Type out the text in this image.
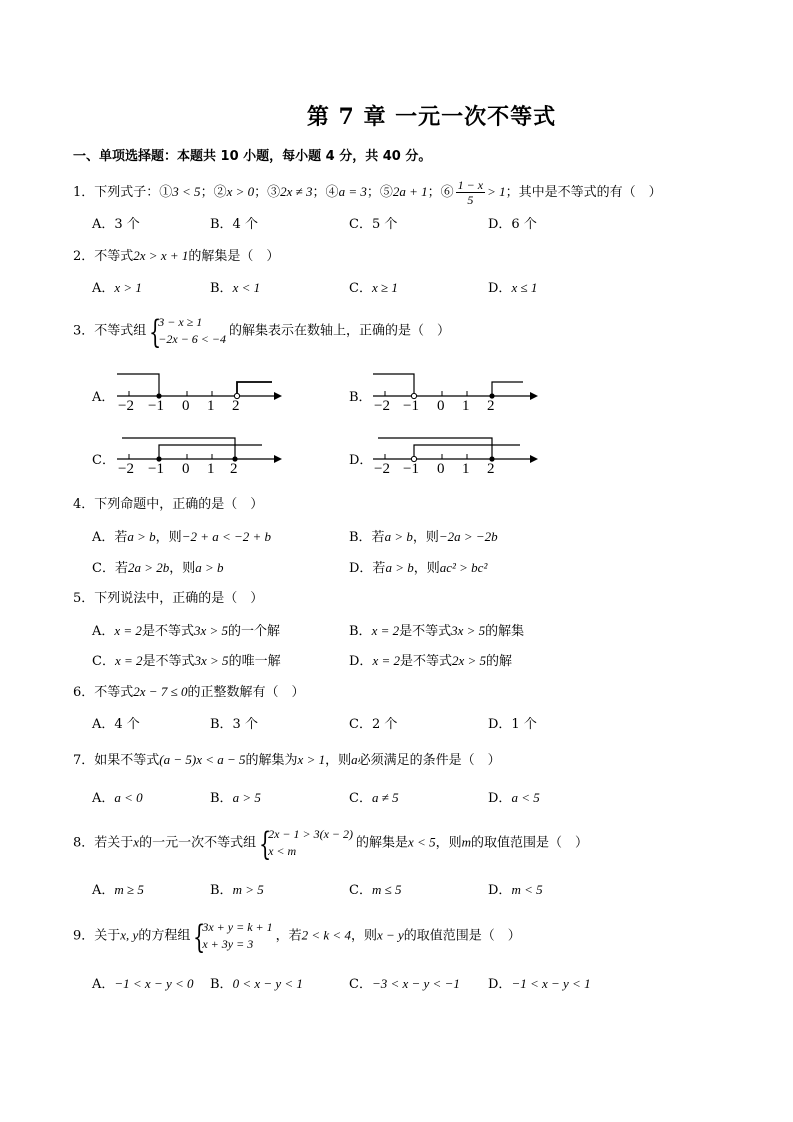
第 7 章 一元一次不等式
一、单项选择题：本题共 10 小题，每小题 4 分，共 40 分。
1．下列式子：①3 < 5；②x > 0；③2x ≠ 3；④a = 3；⑤2a + 1；⑥ $\frac{1 - x}{5} > 1$；其中是不等式的有（　）
A．3 个	B．4 个	C．5 个	D．6 个
2．不等式2x > x + 1的解集是（　）
A．x > 1	B．x < 1	C．x ≥ 1	D．x ≤ 1
3．不等式组 {
3 − x ≥ 1
−2x − 6 < −4
的解集表示在数轴上，正确的是（　）
A．
−2 −1 0 1 2
B．
−2 −1 0 1 2
C．
−2 −1 0 1 2
D．
−2 −1 0 1 2
4．下列命题中，正确的是（　）
A．若a > b，则−2 + a < −2 + b	B．若a > b，则−2a > −2b
C．若2a > 2b，则a > b	D．若a > b，则ac² > bc²
5．下列说法中，正确的是（　）
A．x = 2是不等式3x > 5的一个解	B．x = 2是不等式3x > 5的解集
C．x = 2是不等式3x > 5的唯一解	D．x = 2是不等式2x > 5的解
6．不等式2x − 7 ≤ 0的正整数解有（　）
A．4 个	B．3 个	C．2 个	D．1 个
7．如果不等式(a − 5)x < a − 5的解集为x > 1，则a必须满足的条件是（　）
A．a < 0	B．a > 5	C．a ≠ 5	D．a < 5
8．若关于x的一元一次不等式组 {
2x − 1 > 3(x − 2)
x < m
的解集是x < 5，则m的取值范围是（　）
A．m ≥ 5	B．m > 5	C．m ≤ 5	D．m < 5
9．关于x, y的方程组 {
3x + y = k + 1
x + 3y = 3
，若2 < k < 4，则x − y的取值范围是（　）
A．−1 < x − y < 0 B．0 < x − y < 1	C．−3 < x − y < −1 D．−1 < x − y < 1
